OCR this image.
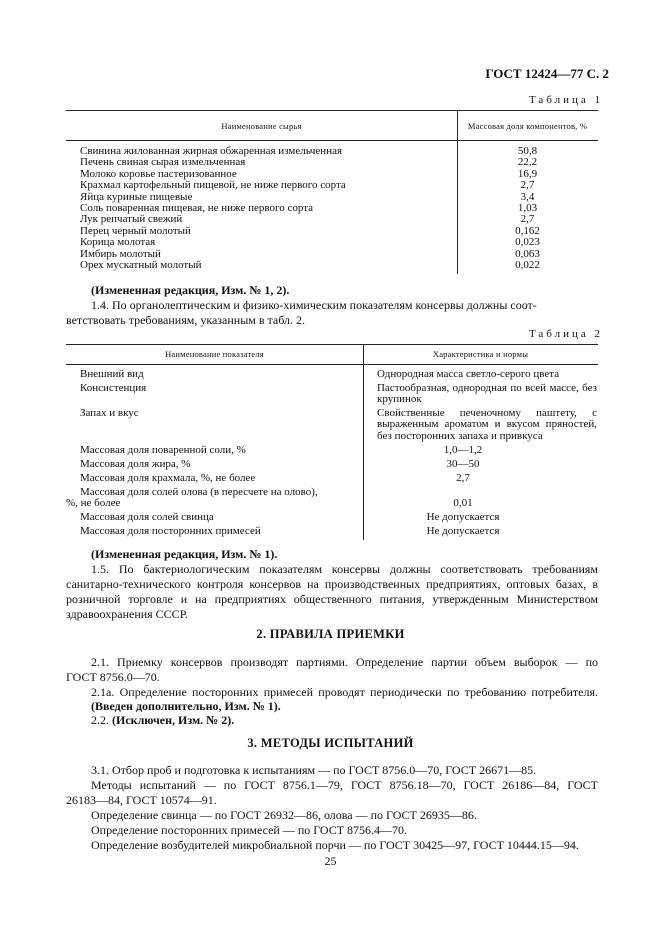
ГОСТ 12424—77 С. 2
Таблица 1
Наименование сырья	Массовая доля компонентов, %
Свинина жилованная жирная обжаренная измельченная	50,8
Печень свиная сырая измельченная	22,2
Молоко коровье пастеризованное	16,9
Крахмал картофельный пищевой, не ниже первого сорта	2,7
Яйца куриные пищевые	3,4
Соль поваренная пищевая, не ниже первого сорта	1,03
Лук репчатый свежий	2,7
Перец черный молотый	0,162
Корица молотая	0,023
Имбирь молотый	0,063
Орех мускатный молотый	0,022
(Измененная редакция, Изм. № 1, 2).
1.4. По органолептическим и физико-химическим показателям консервы должны соот-
ветствовать требованиям, указанным в табл. 2.
Таблица 2
Наименование показателя	Характеристика и нормы
Внешний вид	Однородная масса светло-серого цвета
Консистенция	Пастообразная, однородная по всей массе, без крупинок
Запах и вкус	Свойственные печеночному паштету, с выраженным ароматом и вкусом пряностей, без посторонних запаха и привкуса
Массовая доля поваренной соли, %	1,0—1,2
Массовая доля жира, %	30—50
Массовая доля крахмала, %, не более	2,7
Массовая доля солей олова (в пересчете на олово),
%, не более	0,01
Массовая доля солей свинца	Не допускается
Массовая доля посторонних примесей	Не допускается
(Измененная редакция, Изм. № 1).
1.5. По бактериологическим показателям консервы должны соответствовать требованиям
санитарно-технического контроля консервов на производственных предприятиях, оптовых базах, в
розничной торговле и на предприятиях общественного питания, утвержденным Министерством
здравоохранения СССР.
2. ПРАВИЛА ПРИЕМКИ
2.1. Приемку консервов производят партиями. Определение партии объем выборок — по
ГОСТ 8756.0—70.
2.1а. Определение посторонних примесей проводят периодически по требованию потребителя.
(Введен дополнительно, Изм. № 1).
2.2. (Исключен, Изм. № 2).
3. МЕТОДЫ ИСПЫТАНИЙ
3.1. Отбор проб и подготовка к испытаниям — по ГОСТ 8756.0—70, ГОСТ 26671—85.
Методы испытаний — по ГОСТ 8756.1—79, ГОСТ 8756.18—70, ГОСТ 26186—84, ГОСТ
26183—84, ГОСТ 10574—91.
Определение свинца — по ГОСТ 26932—86, олова — по ГОСТ 26935—86.
Определение посторонних примесей — по ГОСТ 8756.4—70.
Определение возбудителей микробиальной порчи — по ГОСТ 30425—97, ГОСТ 10444.15—94.
25
